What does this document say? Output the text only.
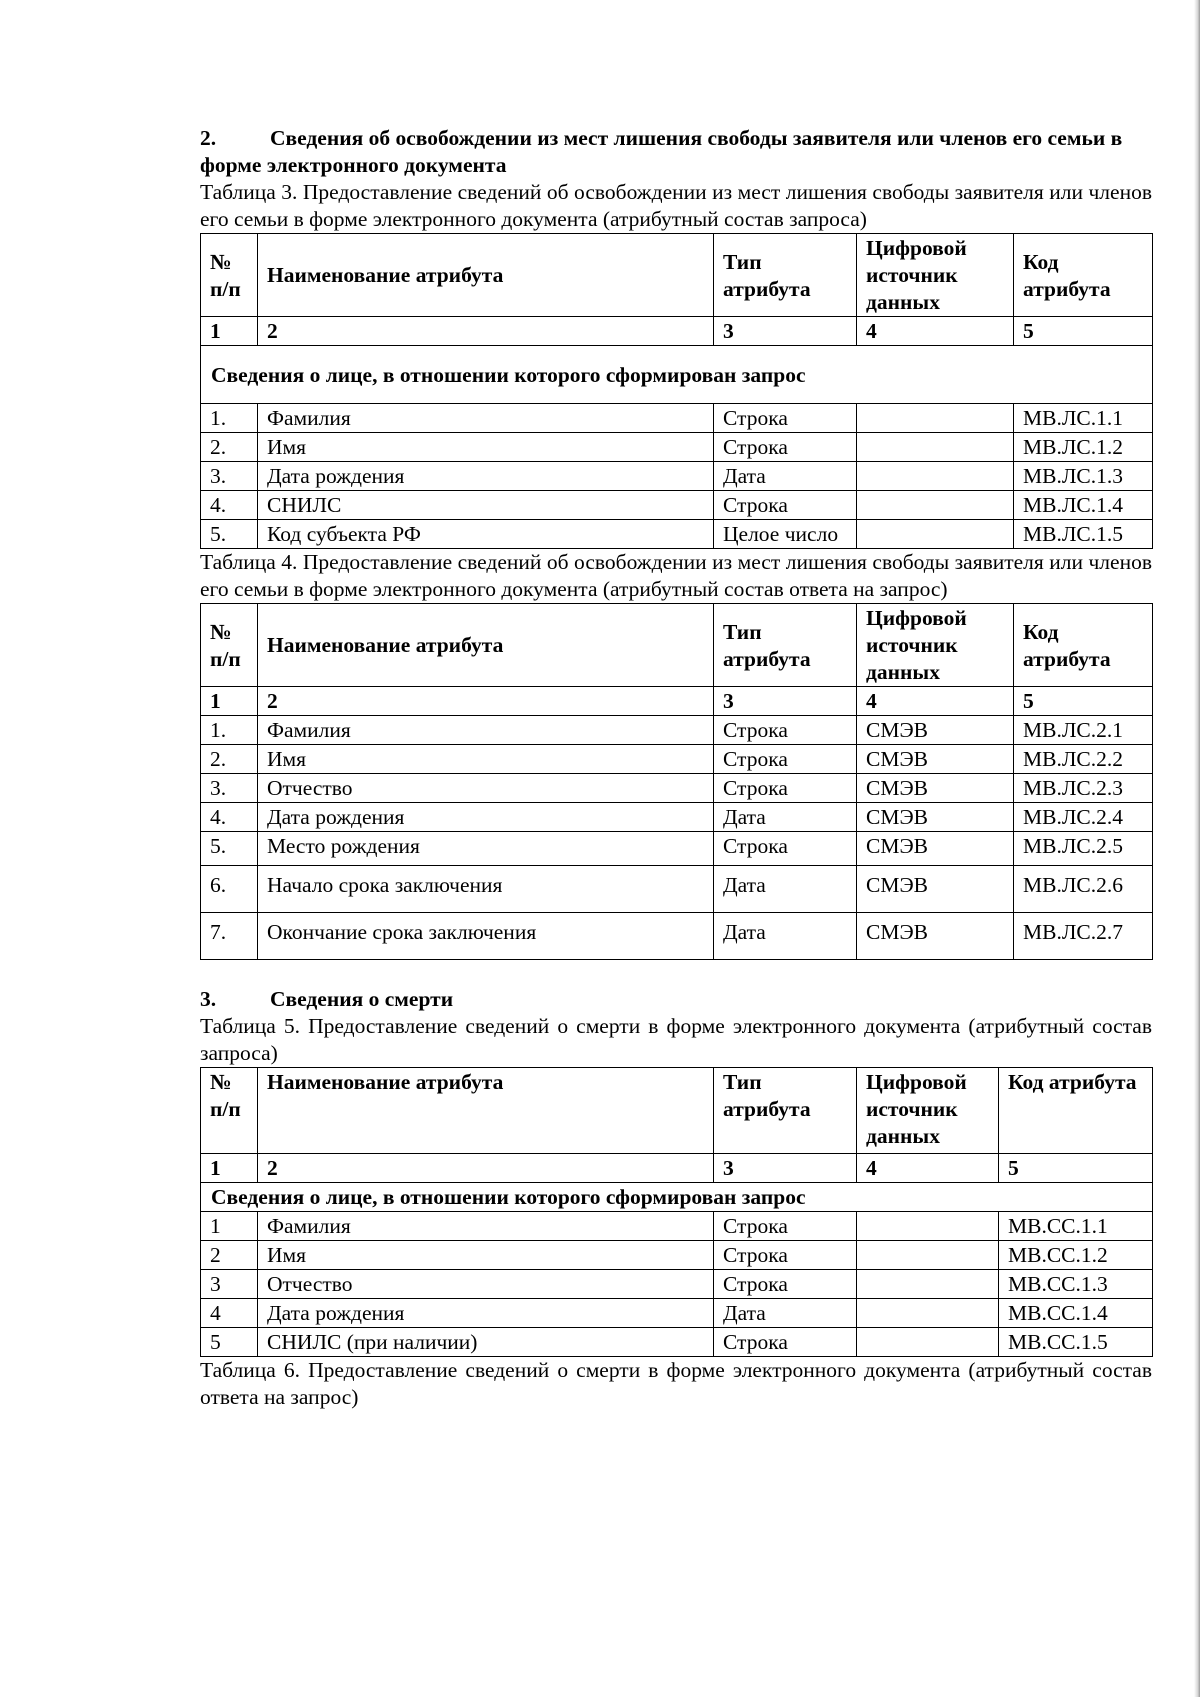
2.	Сведения об освобождении из мест лишения свободы заявителя или членов его семьи в форме электронного документа

Таблица 3. Предоставление сведений об освобождении из мест лишения свободы заявителя или членов его семьи в форме электронного документа (атрибутный состав запроса)

№ п/п	Наименование атрибута	Тип атрибута	Цифровой источник данных	Код атрибута
1	2	3	4	5
Сведения о лице, в отношении которого сформирован запрос				
1.	Фамилия	Строка		МВ.ЛС.1.1
2.	Имя	Строка		МВ.ЛС.1.2
3.	Дата рождения	Дата		МВ.ЛС.1.3
4.	СНИЛС	Строка		МВ.ЛС.1.4
5.	Код субъекта РФ	Целое число		МВ.ЛС.1.5

Таблица 4. Предоставление сведений об освобождении из мест лишения свободы заявителя или членов его семьи в форме электронного документа (атрибутный состав ответа на запрос)

№ п/п	Наименование атрибута	Тип атрибута	Цифровой источник данных	Код атрибута
1	2	3	4	5
1.	Фамилия	Строка	СМЭВ	МВ.ЛС.2.1
2.	Имя	Строка	СМЭВ	МВ.ЛС.2.2
3.	Отчество	Строка	СМЭВ	МВ.ЛС.2.3
4.	Дата рождения	Дата	СМЭВ	МВ.ЛС.2.4
5.	Место рождения	Строка	СМЭВ	МВ.ЛС.2.5
6.	Начало срока заключения	Дата	СМЭВ	МВ.ЛС.2.6
7.	Окончание срока заключения	Дата	СМЭВ	МВ.ЛС.2.7

3.	Сведения о смерти

Таблица 5. Предоставление сведений о смерти в форме электронного документа (атрибутный состав запроса)

№ п/п	Наименование атрибута	Тип атрибута	Цифровой источник данных	Код атрибута
1	2	3	4	5
Сведения о лице, в отношении которого сформирован запрос				
1	Фамилия	Строка		МВ.СС.1.1
2	Имя	Строка		МВ.СС.1.2
3	Отчество	Строка		МВ.СС.1.3
4	Дата рождения	Дата		МВ.СС.1.4
5	СНИЛС (при наличии)	Строка		МВ.СС.1.5

Таблица 6. Предоставление сведений о смерти в форме электронного документа (атрибутный состав ответа на запрос)
